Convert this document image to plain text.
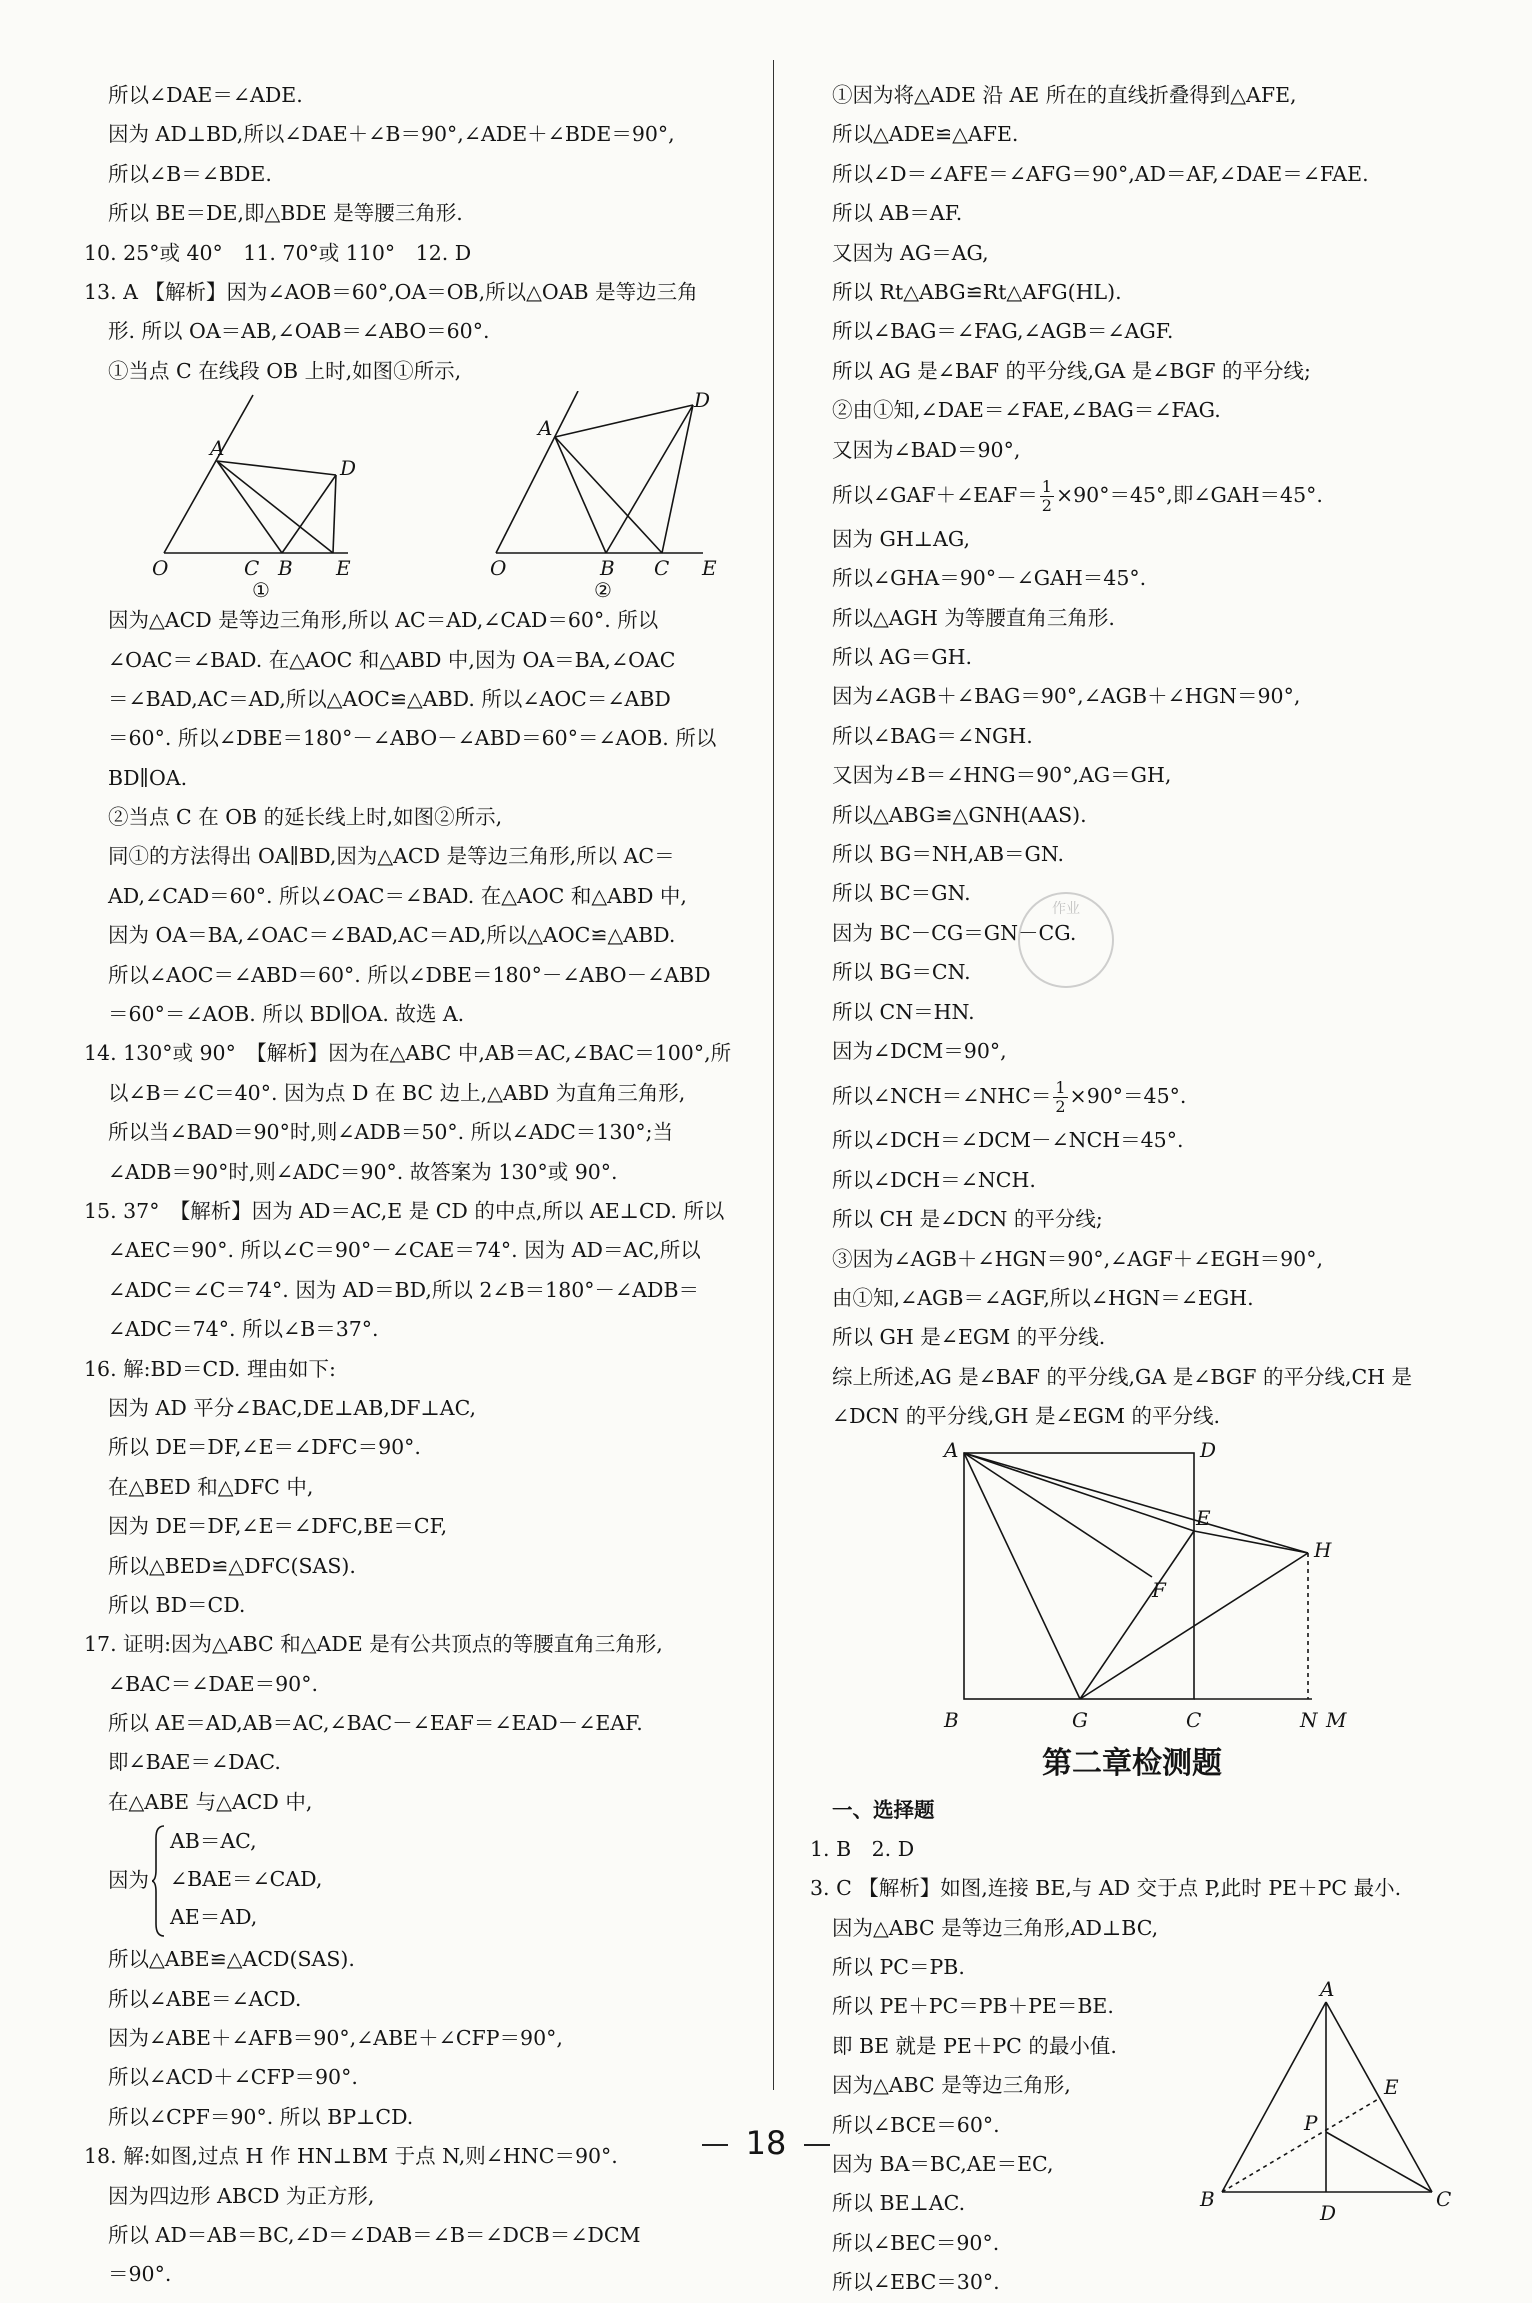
所以∠DAE＝∠ADE.
因为 AD⊥BD,所以∠DAE＋∠B＝90°,∠ADE＋∠BDE＝90°,
所以∠B＝∠BDE.
所以 BE＝DE,即△BDE 是等腰三角形.
10. 25°或 40°　11. 70°或 110°　12. D
13. A 【解析】因为∠AOB＝60°,OA＝OB,所以△OAB 是等边三角
形. 所以 OA＝AB,∠OAB＝∠ABO＝60°.
①当点 C 在线段 OB 上时,如图①所示,
A
D
O	C B E
①
A
D
O	B C E
②
因为△ACD 是等边三角形,所以 AC＝AD,∠CAD＝60°. 所以
∠OAC＝∠BAD. 在△AOC 和△ABD 中,因为 OA＝BA,∠OAC
＝∠BAD,AC＝AD,所以△AOC≌△ABD. 所以∠AOC＝∠ABD
＝60°. 所以∠DBE＝180°－∠ABO－∠ABD＝60°＝∠AOB. 所以
BD∥OA.
②当点 C 在 OB 的延长线上时,如图②所示,
同①的方法得出 OA∥BD,因为△ACD 是等边三角形,所以 AC＝
AD,∠CAD＝60°. 所以∠OAC＝∠BAD. 在△AOC 和△ABD 中,
因为 OA＝BA,∠OAC＝∠BAD,AC＝AD,所以△AOC≌△ABD.
所以∠AOC＝∠ABD＝60°. 所以∠DBE＝180°－∠ABO－∠ABD
＝60°＝∠AOB. 所以 BD∥OA. 故选 A.
14. 130°或 90°　【解析】因为在△ABC 中,AB＝AC,∠BAC＝100°,所
以∠B＝∠C＝40°. 因为点 D 在 BC 边上,△ABD 为直角三角形,
所以当∠BAD＝90°时,则∠ADB＝50°. 所以∠ADC＝130°;当
∠ADB＝90°时,则∠ADC＝90°. 故答案为 130°或 90°.
15. 37°　【解析】因为 AD＝AC,E 是 CD 的中点,所以 AE⊥CD. 所以
∠AEC＝90°. 所以∠C＝90°－∠CAE＝74°. 因为 AD＝AC,所以
∠ADC＝∠C＝74°. 因为 AD＝BD,所以 2∠B＝180°－∠ADB＝
∠ADC＝74°. 所以∠B＝37°.
16. 解:BD＝CD. 理由如下:
因为 AD 平分∠BAC,DE⊥AB,DF⊥AC,
所以 DE＝DF,∠E＝∠DFC＝90°.
在△BED 和△DFC 中,
因为 DE＝DF,∠E＝∠DFC,BE＝CF,
所以△BED≌△DFC(SAS).
所以 BD＝CD.
17. 证明:因为△ABC 和△ADE 是有公共顶点的等腰直角三角形,
∠BAC＝∠DAE＝90°.
所以 AE＝AD,AB＝AC,∠BAC－∠EAF＝∠EAD－∠EAF.
即∠BAE＝∠DAC.
在△ABE 与△ACD 中,
因为
AB＝AC,
∠BAE＝∠CAD,
AE＝AD,
所以△ABE≌△ACD(SAS).
所以∠ABE＝∠ACD.
因为∠ABE＋∠AFB＝90°,∠ABE＋∠CFP＝90°,
所以∠ACD＋∠CFP＝90°.
所以∠CPF＝90°. 所以 BP⊥CD.
18. 解:如图,过点 H 作 HN⊥BM 于点 N,则∠HNC＝90°.
因为四边形 ABCD 为正方形,
所以 AD＝AB＝BC,∠D＝∠DAB＝∠B＝∠DCB＝∠DCM
＝90°.
①因为将△ADE 沿 AE 所在的直线折叠得到△AFE,
所以△ADE≌△AFE.
所以∠D＝∠AFE＝∠AFG＝90°,AD＝AF,∠DAE＝∠FAE.
所以 AB＝AF.
又因为 AG＝AG,
所以 Rt△ABG≌Rt△AFG(HL).
所以∠BAG＝∠FAG,∠AGB＝∠AGF.
所以 AG 是∠BAF 的平分线,GA 是∠BGF 的平分线;
②由①知,∠DAE＝∠FAE,∠BAG＝∠FAG.
又因为∠BAD＝90°,
所以∠GAF＋∠EAF＝ $\frac{1}{2} \times 90^\circ=45^\circ$,即∠GAH＝45°.
因为 GH⊥AG,
所以∠GHA＝90°－∠GAH＝45°.
所以△AGH 为等腰直角三角形.
所以 AG＝GH.
因为∠AGB＋∠BAG＝90°,∠AGB＋∠HGN＝90°,
所以∠BAG＝∠NGH.
又因为∠B＝∠HNG＝90°,AG＝GH,
所以△ABG≌△GNH(AAS).
所以 BG＝NH,AB＝GN.
所以 BC＝GN.
因为 BC－CG＝GN－CG.
所以 BG＝CN.
所以 CN＝HN.
因为∠DCM＝90°,
所以∠NCH＝∠NHC＝ $\frac{1}{2} \times 90^\circ=45^\circ$.
所以∠DCH＝∠DCM－∠NCH＝45°.
所以∠DCH＝∠NCH.
所以 CH 是∠DCN 的平分线;
③因为∠AGB＋∠HGN＝90°,∠AGF＋∠EGH＝90°,
由①知,∠AGB＝∠AGF,所以∠HGN＝∠EGH.
所以 GH 是∠EGM 的平分线.
综上所述,AG 是∠BAF 的平分线,GA 是∠BGF 的平分线,CH 是
∠DCN 的平分线,GH 是∠EGM 的平分线.
A	D
E
H
F
B	G	C	N M
第二章检测题
一、选择题
1. B　2. D
3. C 【解析】如图,连接 BE,与 AD 交于点 P,此时 PE＋PC 最小.
因为△ABC 是等边三角形,AD⊥BC,
所以 PC＝PB.
所以 PE＋PC＝PB＋PE＝BE.
即 BE 就是 PE＋PC 的最小值.
因为△ABC 是等边三角形,
所以∠BCE＝60°.
因为 BA＝BC,AE＝EC,
所以 BE⊥AC.
所以∠BEC＝90°.
所以∠EBC＝30°.
A
B	C
D
E
P
作业
18
